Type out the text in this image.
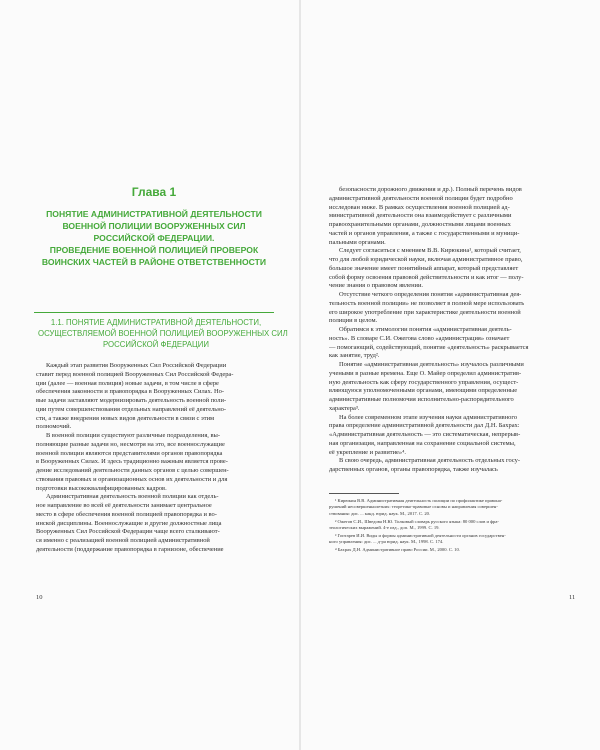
Глава 1
ПОНЯТИЕ АДМИНИСТРАТИВНОЙ ДЕЯТЕЛЬНОСТИ
ВОЕННОЙ ПОЛИЦИИ ВООРУЖЕННЫХ СИЛ
РОССИЙСКОЙ ФЕДЕРАЦИИ.
ПРОВЕДЕНИЕ ВОЕННОЙ ПОЛИЦИЕЙ ПРОВЕРОК
ВОИНСКИХ ЧАСТЕЙ В РАЙОНЕ ОТВЕТСТВЕННОСТИ
1.1. ПОНЯТИЕ АДМИНИСТРАТИВНОЙ ДЕЯТЕЛЬНОСТИ,
ОСУЩЕСТВЛЯЕМОЙ ВОЕННОЙ ПОЛИЦИЕЙ ВООРУЖЕННЫХ СИЛ
РОССИЙСКОЙ ФЕДЕРАЦИИ
Каждый этап развития Вооруженных Сил Российской Федерации
ставит перед военной полицией Вооруженных Сил Российской Федера-
ции (далее — военная полиция) новые задачи, в том числе в сфере
обеспечения законности и правопорядка в Вооруженных Силах. Но-
вые задачи заставляют модернизировать деятельность военной поли-
ции путем совершенствования отдельных направлений её деятельно-
сти, а также внедрения новых видов деятельности в связи с этим
полномочий.
В военной полиции существуют различные подразделения, вы-
полняющие разные задачи но, несмотря на это, все военнослужащие
военной полиции являются представителями органов правопорядка
в Вооруженных Силах. И здесь традиционно важным является прове-
дение исследований деятельности данных органов с целью совершен-
ствования правовых и организационных основ их деятельности и для
подготовки высококвалифицированных кадров.
Административная деятельность военной полиции как отдель-
ное направление во всей её деятельности занимает центральное
место в сфере обеспечения военной полицией правопорядка и во-
инской дисциплины. Военнослужащие и другие должностные лица
Вооруженных Сил Российской Федерации чаще всего сталкивают-
ся именно с реализацией военной полицией административной
деятельности (поддержание правопорядка в гарнизоне, обеспечение
10
безопасности дорожного движения и др.). Полный перечень видов
административной деятельности военной полиции будет подробно
исследован ниже. В рамках осуществления военной полицией ад-
министративной деятельности она взаимодействует с различными
правоохранительными органами, должностными лицами военных
частей и органов управления, а также с государственными и муници-
пальными органами.
Следует согласиться с мнением В.В. Кирюкина¹, который считает,
что для любой юридической науки, включая административное право,
большое значение имеет понятийный аппарат, который представляет
собой форму освоения правовой действительности и как итог — полу-
чение знания о правовом явлении.
Отсутствие четкого определения понятия «административная дея-
тельность военной полиции» не позволяет в полной мере использовать
его широкое употребление при характеристике деятельности военной
полиции в целом.
Обратимся к этимологии понятия «административная деятель-
ность». В словаре С.И. Ожегова слово «администрация» означает
— помогающий, содействующий, понятие «деятельность» раскрывается
как занятие, труд².
Понятие «административная деятельность» изучалось различными
учеными в разные времена. Еще О. Майер определил административ-
ную деятельность как сферу государственного управления, осущест-
вляющуюся уполномоченными органами, имеющими определенные
административные полномочия исполнительно-распорядительного
характера³.
На более современном этапе изучения науки административного
права определение административной деятельности дал Д.Н. Бахрах:
«Административная деятельность — это систематическая, непрерыв-
ная организация, направленная на сохранение социальной системы,
её укрепление и развитие»⁴.
В свою очередь, административная деятельность отдельных госу-
дарственных органов, органы правопорядка, также изучалась
¹ Кирюкин В.В. Административная деятельность полиции по профилактике правона-
рушений несовершеннолетних: теоретико-правовые основы и направления совершен-
ствования: дис. ... канд. юрид. наук. М., 2017. С. 20.
² Ожегов С.И., Шведова Н.Ю. Толковый словарь русского языка: 80 000 слов и фра-
зеологических выражений. 4-е изд., доп. М., 1999. С. 19.
³ Гоптарев И.И. Виды и формы административной деятельности органов государствен-
ного управления: дис. ... д-ра юрид. наук. М., 1998. С. 174.
⁴ Бахрах Д.Н. Административное право России. М., 2000. С. 10.
11
